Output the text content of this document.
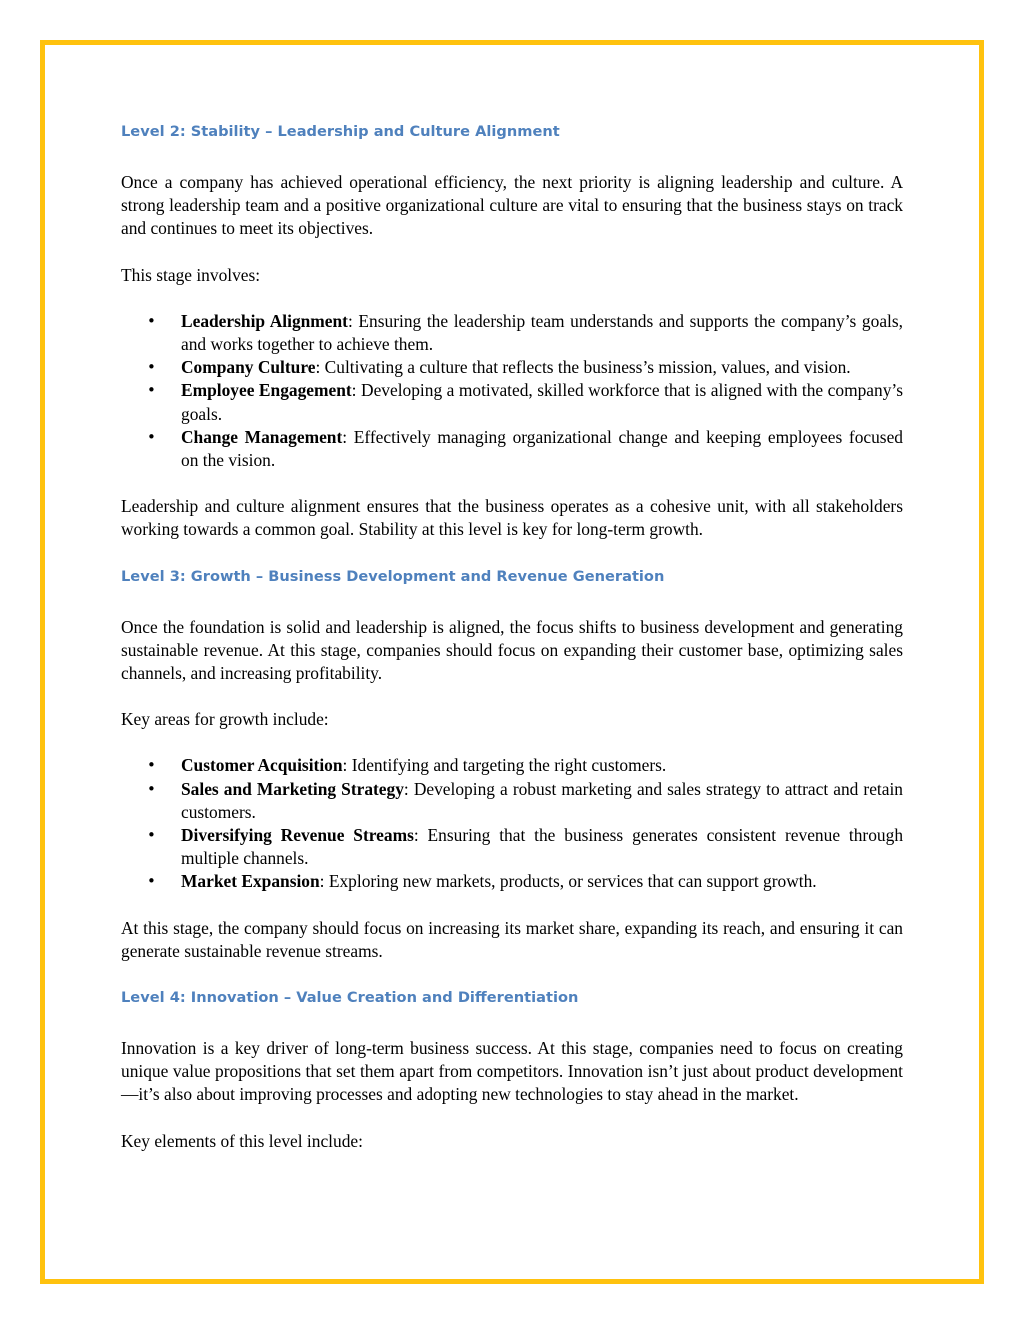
Level 2: Stability – Leadership and Culture Alignment

Once a company has achieved operational efficiency, the next priority is aligning leadership and culture. A strong leadership team and a positive organizational culture are vital to ensuring that the business stays on track and continues to meet its objectives.

This stage involves:

• Leadership Alignment: Ensuring the leadership team understands and supports the company’s goals, and works together to achieve them.
• Company Culture: Cultivating a culture that reflects the business’s mission, values, and vision.
• Employee Engagement: Developing a motivated, skilled workforce that is aligned with the company’s goals.
• Change Management: Effectively managing organizational change and keeping employees focused on the vision.

Leadership and culture alignment ensures that the business operates as a cohesive unit, with all stakeholders working towards a common goal. Stability at this level is key for long-term growth.

Level 3: Growth – Business Development and Revenue Generation

Once the foundation is solid and leadership is aligned, the focus shifts to business development and generating sustainable revenue. At this stage, companies should focus on expanding their customer base, optimizing sales channels, and increasing profitability.

Key areas for growth include:

• Customer Acquisition: Identifying and targeting the right customers.
• Sales and Marketing Strategy: Developing a robust marketing and sales strategy to attract and retain customers.
• Diversifying Revenue Streams: Ensuring that the business generates consistent revenue through multiple channels.
• Market Expansion: Exploring new markets, products, or services that can support growth.

At this stage, the company should focus on increasing its market share, expanding its reach, and ensuring it can generate sustainable revenue streams.

Level 4: Innovation – Value Creation and Differentiation

Innovation is a key driver of long-term business success. At this stage, companies need to focus on creating unique value propositions that set them apart from competitors. Innovation isn’t just about product development—it’s also about improving processes and adopting new technologies to stay ahead in the market.

Key elements of this level include:
